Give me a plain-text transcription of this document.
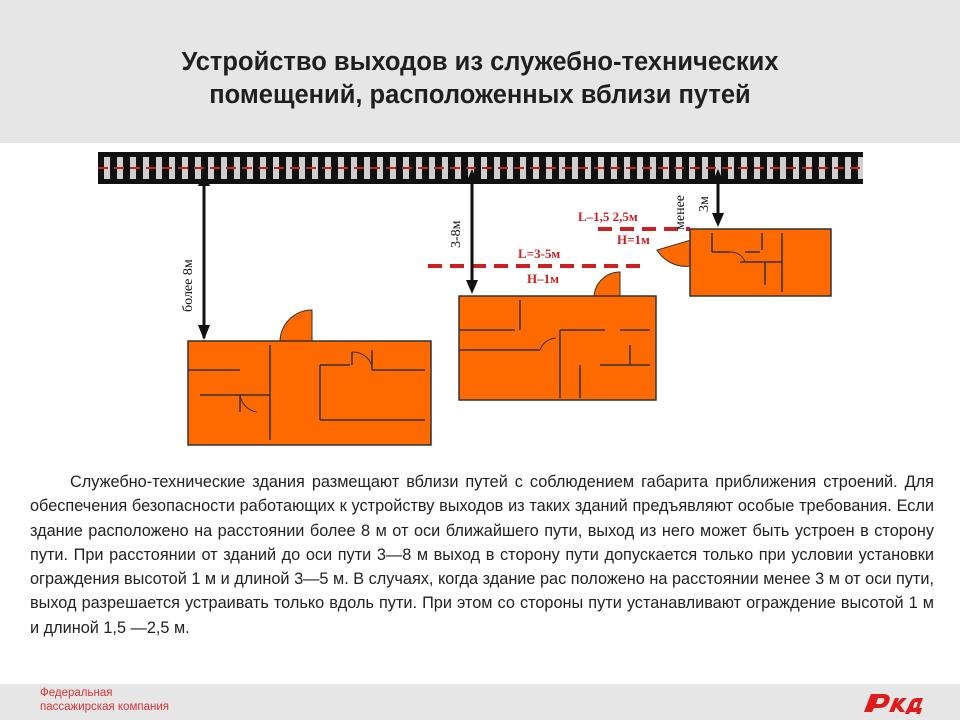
Устройство выходов из служебно-технических
помещений, расположенных вблизи путей
более 8м
3-8м
менее 3м
L=3-5м
H–1м
L–1,5 2,5м
H=1м

Служебно-технические здания размещают вблизи путей с соблюдением габарита приближения строений. Для обеспечения безопасности работающих к устройству выходов из таких зданий предъявляют особые требования. Если здание расположено на расстоянии более 8 м от оси ближайшего пути, выход из него может быть устроен в сторону пути. При расстоянии от зданий до оси пути 3—8 м выход в сторону пути допускается только при условии установки ограждения высотой 1 м и длиной 3—5 м. В случаях, когда здание рас положено на расстоянии менее 3 м от оси пути, выход разрешается устраивать только вдоль пути. При этом со стороны пути устанавливают ограждение высотой 1 м и длиной 1,5 —2,5 м.

Федеральная
пассажирская компания
